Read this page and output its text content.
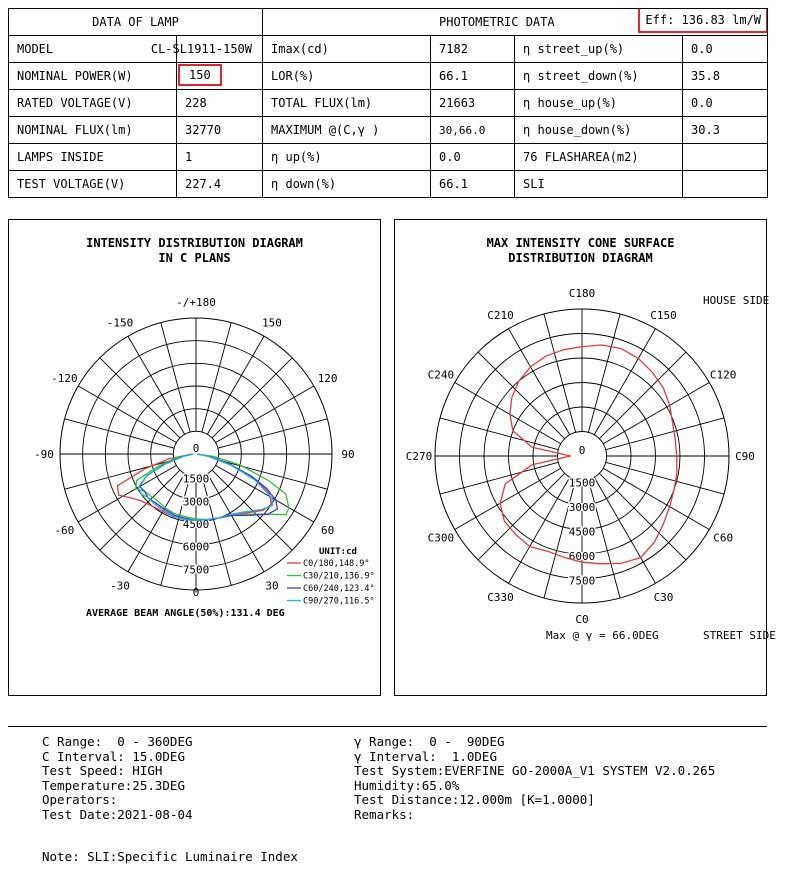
DATA OF LAMP		PHOTOMETRIC DATA Eff: 136.83 lm/W			

MODEL	CL-SL1911-150W	Imax(cd)	7182	η street_up(%)	0.0
NOMINAL POWER(W)	150	LOR(%)	66.1	η street_down(%)	35.8
RATED VOLTAGE(V)	228	TOTAL FLUX(lm)	21663	η house_up(%)	0.0
NOMINAL FLUX(lm)	32770	MAXIMUM @(C,γ )	30,66.0	η house_down(%)	30.3
LAMPS INSIDE	1	η up(%)	0.0	76 FLASHAREA(m2)	
TEST VOLTAGE(V)	227.4	η down(%)	66.1	SLI	
INTENSITY DISTRIBUTION DIAGRAM
IN C PLANS
0
1500
3000
4500
6000
7500
-/+180
-150	150
-120	120
-90	90
-60	60
-30	30
0
UNIT:cd
C0/180,148.9°
C30/210,136.9°
C60/240,123.4°
C90/270,116.5°
AVERAGE BEAM ANGLE(50%):131.4 DEG
MAX INTENSITY CONE SURFACE
DISTRIBUTION DIAGRAM
0
1500
3000
4500
6000
7500
C180
C150
C210
C120
C240
C90
C270
C60
C300
C30
C330
C0
HOUSE SIDE
STREET SIDE
Max @ γ = 66.0DEG
C Range:  0 - 360DEG
C Interval: 15.0DEG
Test Speed: HIGH
Temperature:25.3DEG
Operators:
Test Date:2021-08-04
γ Range:  0 -  90DEG
γ Interval:  1.0DEG
Test System:EVERFINE GO-2000A_V1 SYSTEM V2.0.265
Humidity:65.0%
Test Distance:12.000m [K=1.0000]
Remarks:
Note: SLI:Specific Luminaire Index
